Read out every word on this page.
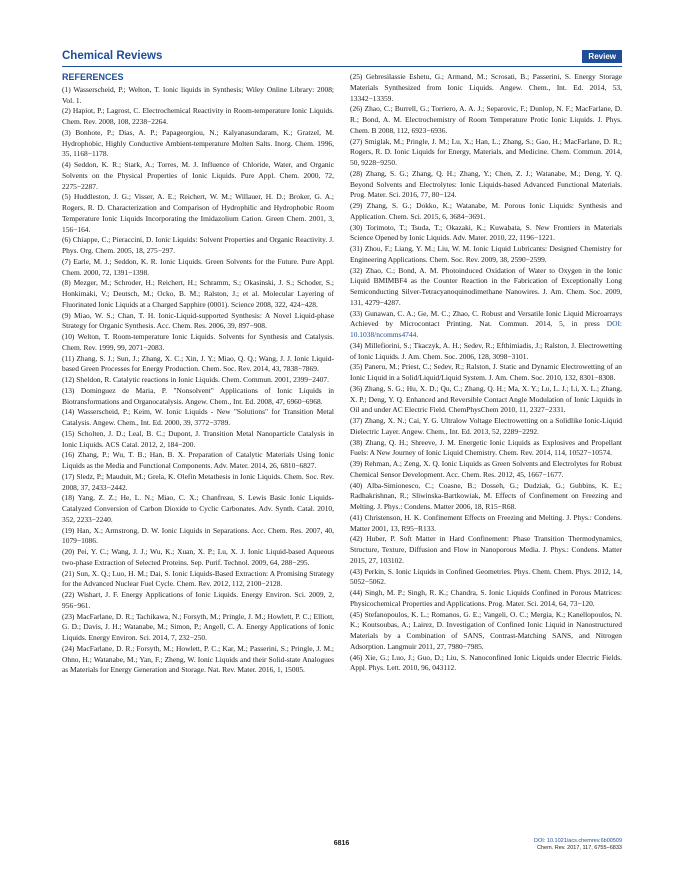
Chemical Reviews	Review
REFERENCES

(1) Wasserscheid, P.; Welton, T. Ionic liquids in Synthesis; Wiley Online Library: 2008; Vol. 1.

(2) Hapiot, P.; Lagrost, C. Electrochemical Reactivity in Room-temperature Ionic Liquids. Chem. Rev. 2008, 108, 2238−2264.

(3) Bonhote, P.; Dias, A. P.; Papageorgiou, N.; Kalyanasundaram, K.; Gratzel, M. Hydrophobic, Highly Conductive Ambient-temperature Molten Salts. Inorg. Chem. 1996, 35, 1168−1178.

(4) Seddon, K. R.; Stark, A.; Torres, M. J. Influence of Chloride, Water, and Organic Solvents on the Physical Properties of Ionic Liquids. Pure Appl. Chem. 2000, 72, 2275−2287.

(5) Huddleston, J. G.; Visser, A. E.; Reichert, W. M.; Willauer, H. D.; Broker, G. A.; Rogers, R. D. Characterization and Comparison of Hydrophilic and Hydrophobic Room Temperature Ionic Liquids Incorporating the Imidazolium Cation. Green Chem. 2001, 3, 156−164.

(6) Chiappe, C.; Pieraccini, D. Ionic Liquids: Solvent Properties and Organic Reactivity. J. Phys. Org. Chem. 2005, 18, 275−297.

(7) Earle, M. J.; Seddon, K. R. Ionic Liquids. Green Solvents for the Future. Pure Appl. Chem. 2000, 72, 1391−1398.

(8) Mezger, M.; Schroder, H.; Reichert, H.; Schramm, S.; Okasinski, J. S.; Schoder, S.; Honkimaki, V.; Deutsch, M.; Ocko, B. M.; Ralston, J.; et al. Molecular Layering of Fluorinated Ionic Liquids at a Charged Sapphire (0001). Science 2008, 322, 424−428.

(9) Miao, W. S.; Chan, T. H. Ionic-Liquid-supported Synthesis: A Novel Liquid-phase Strategy for Organic Synthesis. Acc. Chem. Res. 2006, 39, 897−908.

(10) Welton, T. Room-temperature Ionic Liquids. Solvents for Synthesis and Catalysis. Chem. Rev. 1999, 99, 2071−2083.

(11) Zhang, S. J.; Sun, J.; Zhang, X. C.; Xin, J. Y.; Miao, Q. Q.; Wang, J. J. Ionic Liquid-based Green Processes for Energy Production. Chem. Soc. Rev. 2014, 43, 7838−7869.

(12) Sheldon, R. Catalytic reactions in Ionic Liquids. Chem. Commun. 2001, 2399−2407.

(13) Dominguez de Maria, P. "Nonsolvent" Applications of Ionic Liquids in Biotransformations and Organocatalysis. Angew. Chem., Int. Ed. 2008, 47, 6960−6968.

(14) Wasserscheid, P.; Keim, W. Ionic Liquids - New "Solutions" for Transition Metal Catalysis. Angew. Chem., Int. Ed. 2000, 39, 3772−3789.

(15) Scholten, J. D.; Leal, B. C.; Dupont, J. Transition Metal Nanoparticle Catalysis in Ionic Liquids. ACS Catal. 2012, 2, 184−200.

(16) Zhang, P.; Wu, T. B.; Han, B. X. Preparation of Catalytic Materials Using Ionic Liquids as the Media and Functional Components. Adv. Mater. 2014, 26, 6810−6827.

(17) Sledz, P.; Mauduit, M.; Grela, K. Olefin Metathesis in Ionic Liquids. Chem. Soc. Rev. 2008, 37, 2433−2442.

(18) Yang, Z. Z.; He, L. N.; Miao, C. X.; Chanfreau, S. Lewis Basic Ionic Liquids-Catalyzed Conversion of Carbon Dioxide to Cyclic Carbonates. Adv. Synth. Catal. 2010, 352, 2233−2240.

(19) Han, X.; Armstrong, D. W. Ionic Liquids in Separations. Acc. Chem. Res. 2007, 40, 1079−1086.

(20) Pei, Y. C.; Wang, J. J.; Wu, K.; Xuan, X. P.; Lu, X. J. Ionic Liquid-based Aqueous two-phase Extraction of Selected Proteins. Sep. Purif. Technol. 2009, 64, 288−295.

(21) Sun, X. Q.; Luo, H. M.; Dai, S. Ionic Liquids-Based Extraction: A Promising Strategy for the Advanced Nuclear Fuel Cycle. Chem. Rev. 2012, 112, 2100−2128.

(22) Wishart, J. F. Energy Applications of Ionic Liquids. Energy Environ. Sci. 2009, 2, 956−961.

(23) MacFarlane, D. R.; Tachikawa, N.; Forsyth, M.; Pringle, J. M.; Howlett, P. C.; Elliott, G. D.; Davis, J. H.; Watanabe, M.; Simon, P.; Angell, C. A. Energy Applications of Ionic Liquids. Energy Environ. Sci. 2014, 7, 232−250.

(24) MacFarlane, D. R.; Forsyth, M.; Howlett, P. C.; Kar, M.; Passerini, S.; Pringle, J. M.; Ohno, H.; Watanabe, M.; Yan, F.; Zheng, W. Ionic Liquids and their Solid-state Analogues as Materials for Energy Generation and Storage. Nat. Rev. Mater. 2016, 1, 15005.

(25) Gebresilassie Eshetu, G.; Armand, M.; Scrosati, B.; Passerini, S. Energy Storage Materials Synthesized from Ionic Liquids. Angew. Chem., Int. Ed. 2014, 53, 13342−13359.

(26) Zhao, C.; Burrell, G.; Torriero, A. A. J.; Separovic, F.; Dunlop, N. F.; MacFarlane, D. R.; Bond, A. M. Electrochemistry of Room Temperature Protic Ionic Liquids. J. Phys. Chem. B 2008, 112, 6923−6936.

(27) Smiglak, M.; Pringle, J. M.; Lu, X.; Han, L.; Zhang, S.; Gao, H.; MacFarlane, D. R.; Rogers, R. D. Ionic Liquids for Energy, Materials, and Medicine. Chem. Commun. 2014, 50, 9228−9250.

(28) Zhang, S. G.; Zhang, Q. H.; Zhang, Y.; Chen, Z. J.; Watanabe, M.; Deng, Y. Q. Beyond Solvents and Electrolytes: Ionic Liquids-based Advanced Functional Materials. Prog. Mater. Sci. 2016, 77, 80−124.

(29) Zhang, S. G.; Dokko, K.; Watanabe, M. Porous Ionic Liquids: Synthesis and Application. Chem. Sci. 2015, 6, 3684−3691.

(30) Torimoto, T.; Tsuda, T.; Okazaki, K.; Kuwabata, S. New Frontiers in Materials Science Opened by Ionic Liquids. Adv. Mater. 2010, 22, 1196−1221.

(31) Zhou, F.; Liang, Y. M.; Liu, W. M. Ionic Liquid Lubricants: Designed Chemistry for Engineering Applications. Chem. Soc. Rev. 2009, 38, 2590−2599.

(32) Zhao, C.; Bond, A. M. Photoinduced Oxidation of Water to Oxygen in the Ionic Liquid BMIMBF4 as the Counter Reaction in the Fabrication of Exceptionally Long Semiconducting Silver-Tetracyanoquinodimethane Nanowires. J. Am. Chem. Soc. 2009, 131, 4279−4287.

(33) Gunawan, C. A.; Ge, M. C.; Zhao, C. Robust and Versatile Ionic Liquid Microarrays Achieved by Microcontact Printing. Nat. Commun. 2014, 5, in press DOI: 10.1038/ncomms4744.

(34) Millefiorini, S.; Tkaczyk, A. H.; Sedev, R.; Efthimiadis, J.; Ralston, J. Electrowetting of Ionic Liquids. J. Am. Chem. Soc. 2006, 128, 3098−3101.

(35) Paneru, M.; Priest, C.; Sedev, R.; Ralston, J. Static and Dynamic Electrowetting of an Ionic Liquid in a Solid/Liquid/Liquid System. J. Am. Chem. Soc. 2010, 132, 8301−8308.

(36) Zhang, S. G.; Hu, X. D.; Qu, C.; Zhang, Q. H.; Ma, X. Y.; Lu, L. J.; Li, X. L.; Zhang, X. P.; Deng, Y. Q. Enhanced and Reversible Contact Angle Modulation of Ionic Liquids in Oil and under AC Electric Field. ChemPhysChem 2010, 11, 2327−2331.

(37) Zhang, X. N.; Cai, Y. G. Ultralow Voltage Electrowetting on a Solidlike Ionic-Liquid Dielectric Layer. Angew. Chem., Int. Ed. 2013, 52, 2289−2292.

(38) Zhang, Q. H.; Shreeve, J. M. Energetic Ionic Liquids as Explosives and Propellant Fuels: A New Journey of Ionic Liquid Chemistry. Chem. Rev. 2014, 114, 10527−10574.

(39) Rehman, A.; Zeng, X. Q. Ionic Liquids as Green Solvents and Electrolytes for Robust Chemical Sensor Development. Acc. Chem. Res. 2012, 45, 1667−1677.

(40) Alba-Simionesco, C.; Coasne, B.; Dosseh, G.; Dudziak, G.; Gubbins, K. E.; Radhakrishnan, R.; Sliwinska-Bartkowiak, M. Effects of Confinement on Freezing and Melting. J. Phys.: Condens. Matter 2006, 18, R15−R68.

(41) Christenson, H. K. Confinement Effects on Freezing and Melting. J. Phys.: Condens. Matter 2001, 13, R95−R133.

(42) Huber, P. Soft Matter in Hard Confinement: Phase Transition Thermodynamics, Structure, Texture, Diffusion and Flow in Nanoporous Media. J. Phys.: Condens. Matter 2015, 27, 103102.

(43) Perkin, S. Ionic Liquids in Confined Geometries. Phys. Chem. Chem. Phys. 2012, 14, 5052−5062.

(44) Singh, M. P.; Singh, R. K.; Chandra, S. Ionic Liquids Confined in Porous Matrices: Physicochemical Properties and Applications. Prog. Mater. Sci. 2014, 64, 73−120.

(45) Stefanopoulos, K. L.; Romanos, G. E.; Vangeli, O. C.; Mergia, K.; Kanellopoulos, N. K.; Koutsoubas, A.; Lairez, D. Investigation of Confined Ionic Liquid in Nanostructured Materials by a Combination of SANS, Contrast-Matching SANS, and Nitrogen Adsorption. Langmuir 2011, 27, 7980−7985.

(46) Xie, G.; Luo, J.; Guo, D.; Liu, S. Nanoconfined Ionic Liquids under Electric Fields. Appl. Phys. Lett. 2010, 96, 043112.

6816	DOI: 10.1021/acs.chemrev.6b00509
Chem. Rev. 2017, 117, 6755−6833
